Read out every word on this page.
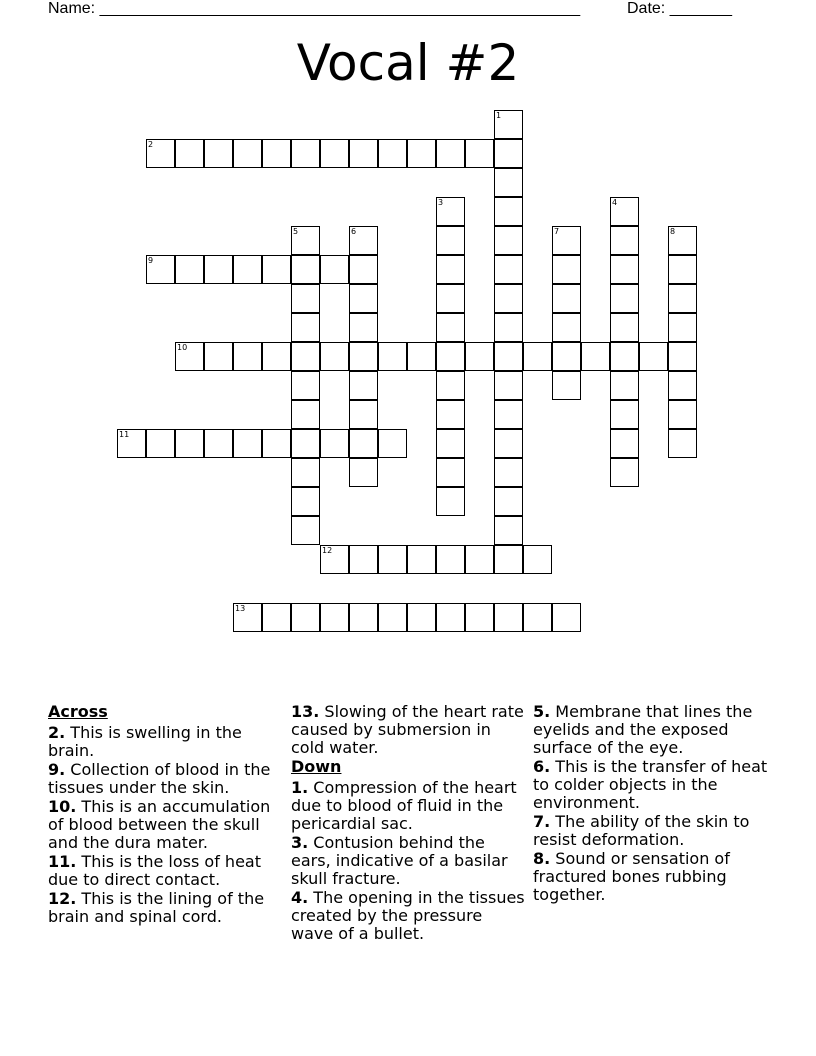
Name: ______________________________________________________	Date: _______
Vocal #2
1
2
3	4
5	6	7	8
9
10
11
12
13
Across
2. This is swelling in the brain.
9. Collection of blood in the tissues under the skin.
10. This is an accumulation of blood between the skull and the dura mater.
11. This is the loss of heat due to direct contact.
12. This is the lining of the brain and spinal cord.
13. Slowing of the heart rate caused by submersion in cold water.
Down
1. Compression of the heart due to blood of fluid in the pericardial sac.
3. Contusion behind the ears, indicative of a basilar skull fracture.
4. The opening in the tissues created by the pressure wave of a bullet.
5. Membrane that lines the eyelids and the exposed surface of the eye.
6. This is the transfer of heat to colder objects in the environment.
7. The ability of the skin to resist deformation.
8. Sound or sensation of fractured bones rubbing together.
